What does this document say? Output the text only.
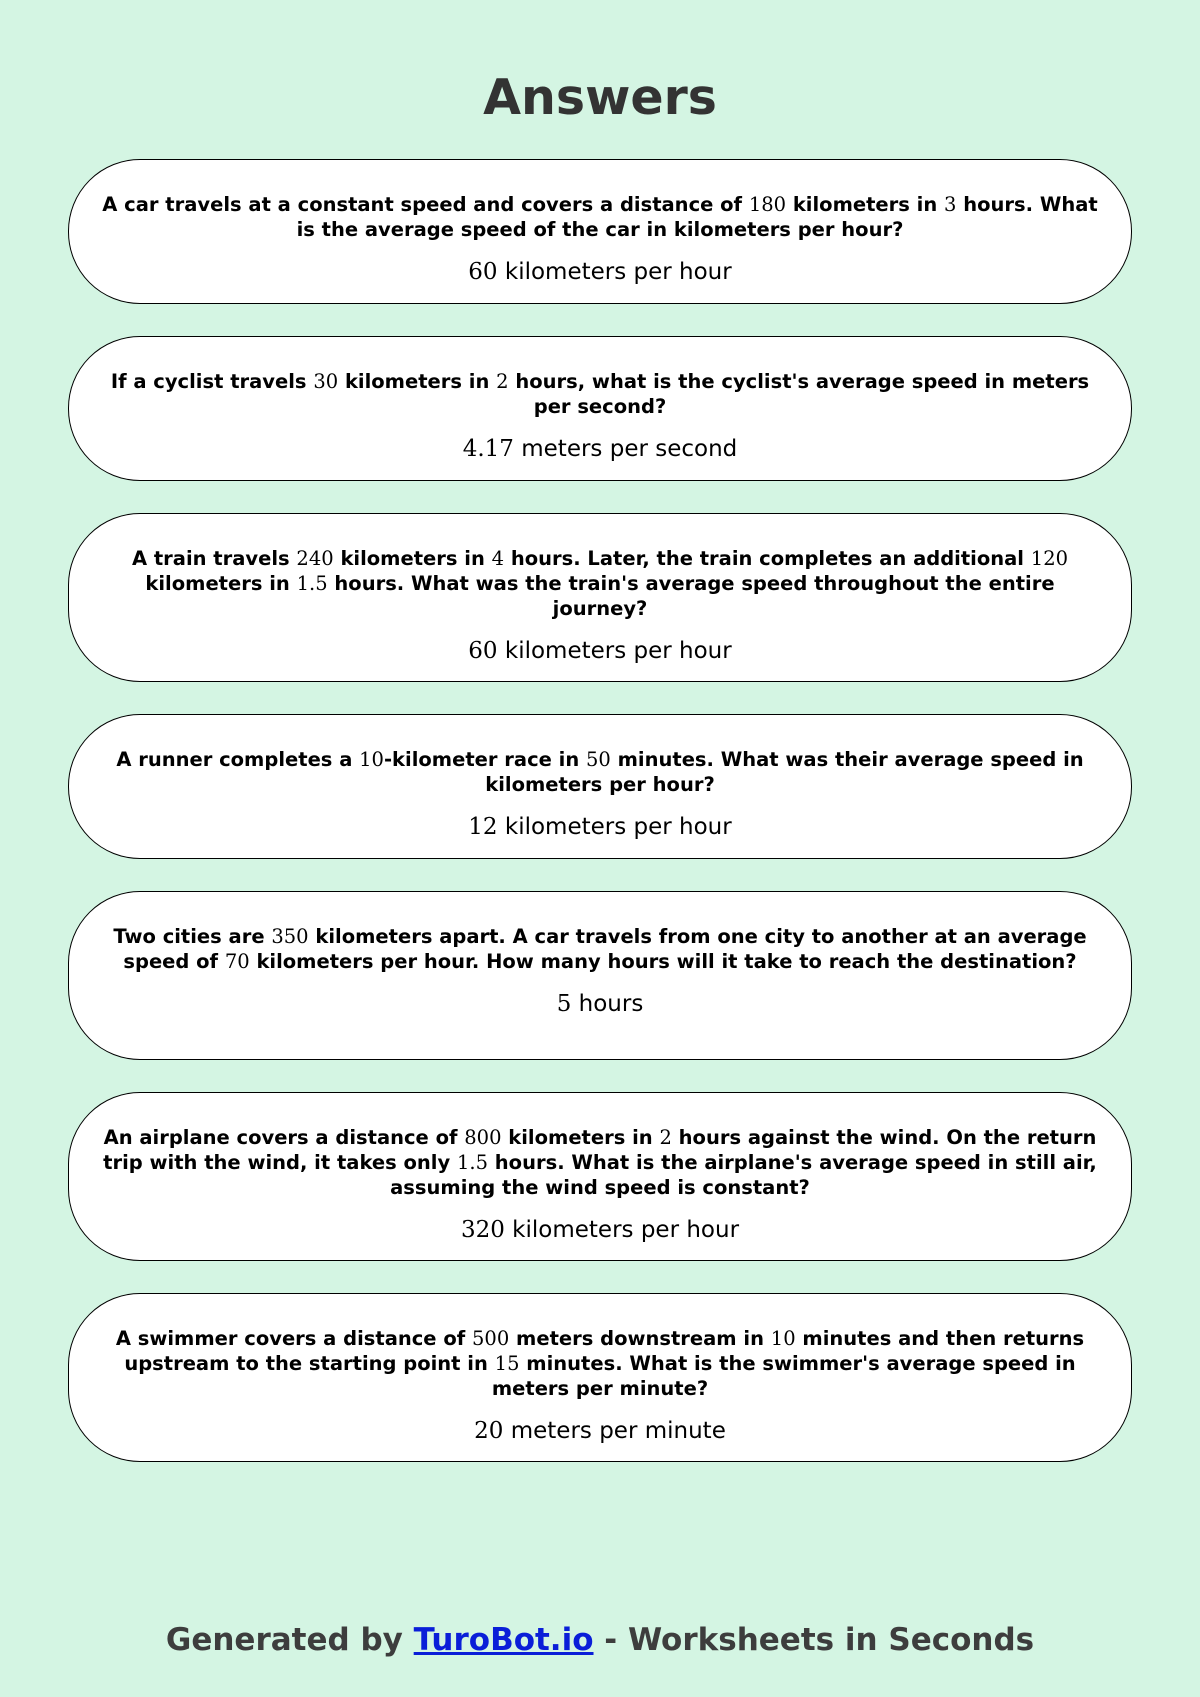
Answers
A car travels at a constant speed and covers a distance of 180 kilometers in 3 hours. What is the average speed of the car in kilometers per hour?
60 kilometers per hour
If a cyclist travels 30 kilometers in 2 hours, what is the cyclist's average speed in meters per second?
4.17 meters per second
A train travels 240 kilometers in 4 hours. Later, the train completes an additional 120 kilometers in 1.5 hours. What was the train's average speed throughout the entire journey?
60 kilometers per hour
A runner completes a 10-kilometer race in 50 minutes. What was their average speed in kilometers per hour?
12 kilometers per hour
Two cities are 350 kilometers apart. A car travels from one city to another at an average speed of 70 kilometers per hour. How many hours will it take to reach the destination?
5 hours
An airplane covers a distance of 800 kilometers in 2 hours against the wind. On the return trip with the wind, it takes only 1.5 hours. What is the airplane's average speed in still air, assuming the wind speed is constant?
320 kilometers per hour
A swimmer covers a distance of 500 meters downstream in 10 minutes and then returns upstream to the starting point in 15 minutes. What is the swimmer's average speed in meters per minute?
20 meters per minute
Generated by TuroBot.io - Worksheets in Seconds
